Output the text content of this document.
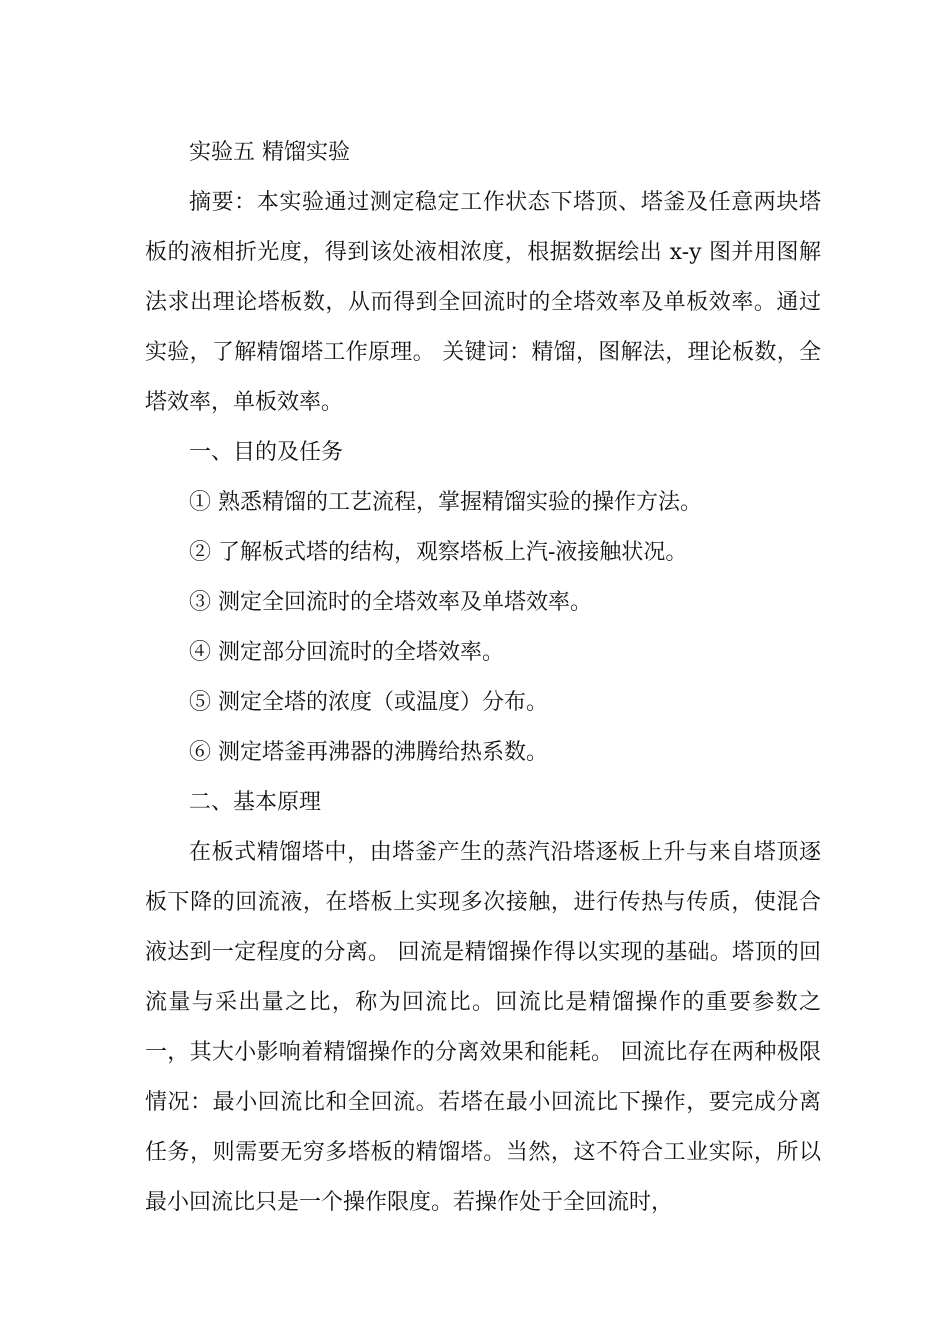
实验五 精馏实验

摘要：本实验通过测定稳定工作状态下塔顶、塔釜及任意两块塔板的液相折光度，得到该处液相浓度，根据数据绘出 x-y 图并用图解法求出理论塔板数，从而得到全回流时的全塔效率及单板效率。通过实验，了解精馏塔工作原理。 关键词：精馏，图解法，理论板数，全塔效率，单板效率。

一、目的及任务

① 熟悉精馏的工艺流程，掌握精馏实验的操作方法。

② 了解板式塔的结构，观察塔板上汽-液接触状况。

③ 测定全回流时的全塔效率及单塔效率。

④ 测定部分回流时的全塔效率。

⑤ 测定全塔的浓度（或温度）分布。

⑥ 测定塔釜再沸器的沸腾给热系数。

二、基本原理

在板式精馏塔中，由塔釜产生的蒸汽沿塔逐板上升与来自塔顶逐板下降的回流液，在塔板上实现多次接触，进行传热与传质，使混合液达到一定程度的分离。 回流是精馏操作得以实现的基础。塔顶的回流量与采出量之比，称为回流比。回流比是精馏操作的重要参数之一，其大小影响着精馏操作的分离效果和能耗。 回流比存在两种极限情况：最小回流比和全回流。若塔在最小回流比下操作，要完成分离任务，则需要无穷多塔板的精馏塔。当然，这不符合工业实际，所以最小回流比只是一个操作限度。若操作处于全回流时，
